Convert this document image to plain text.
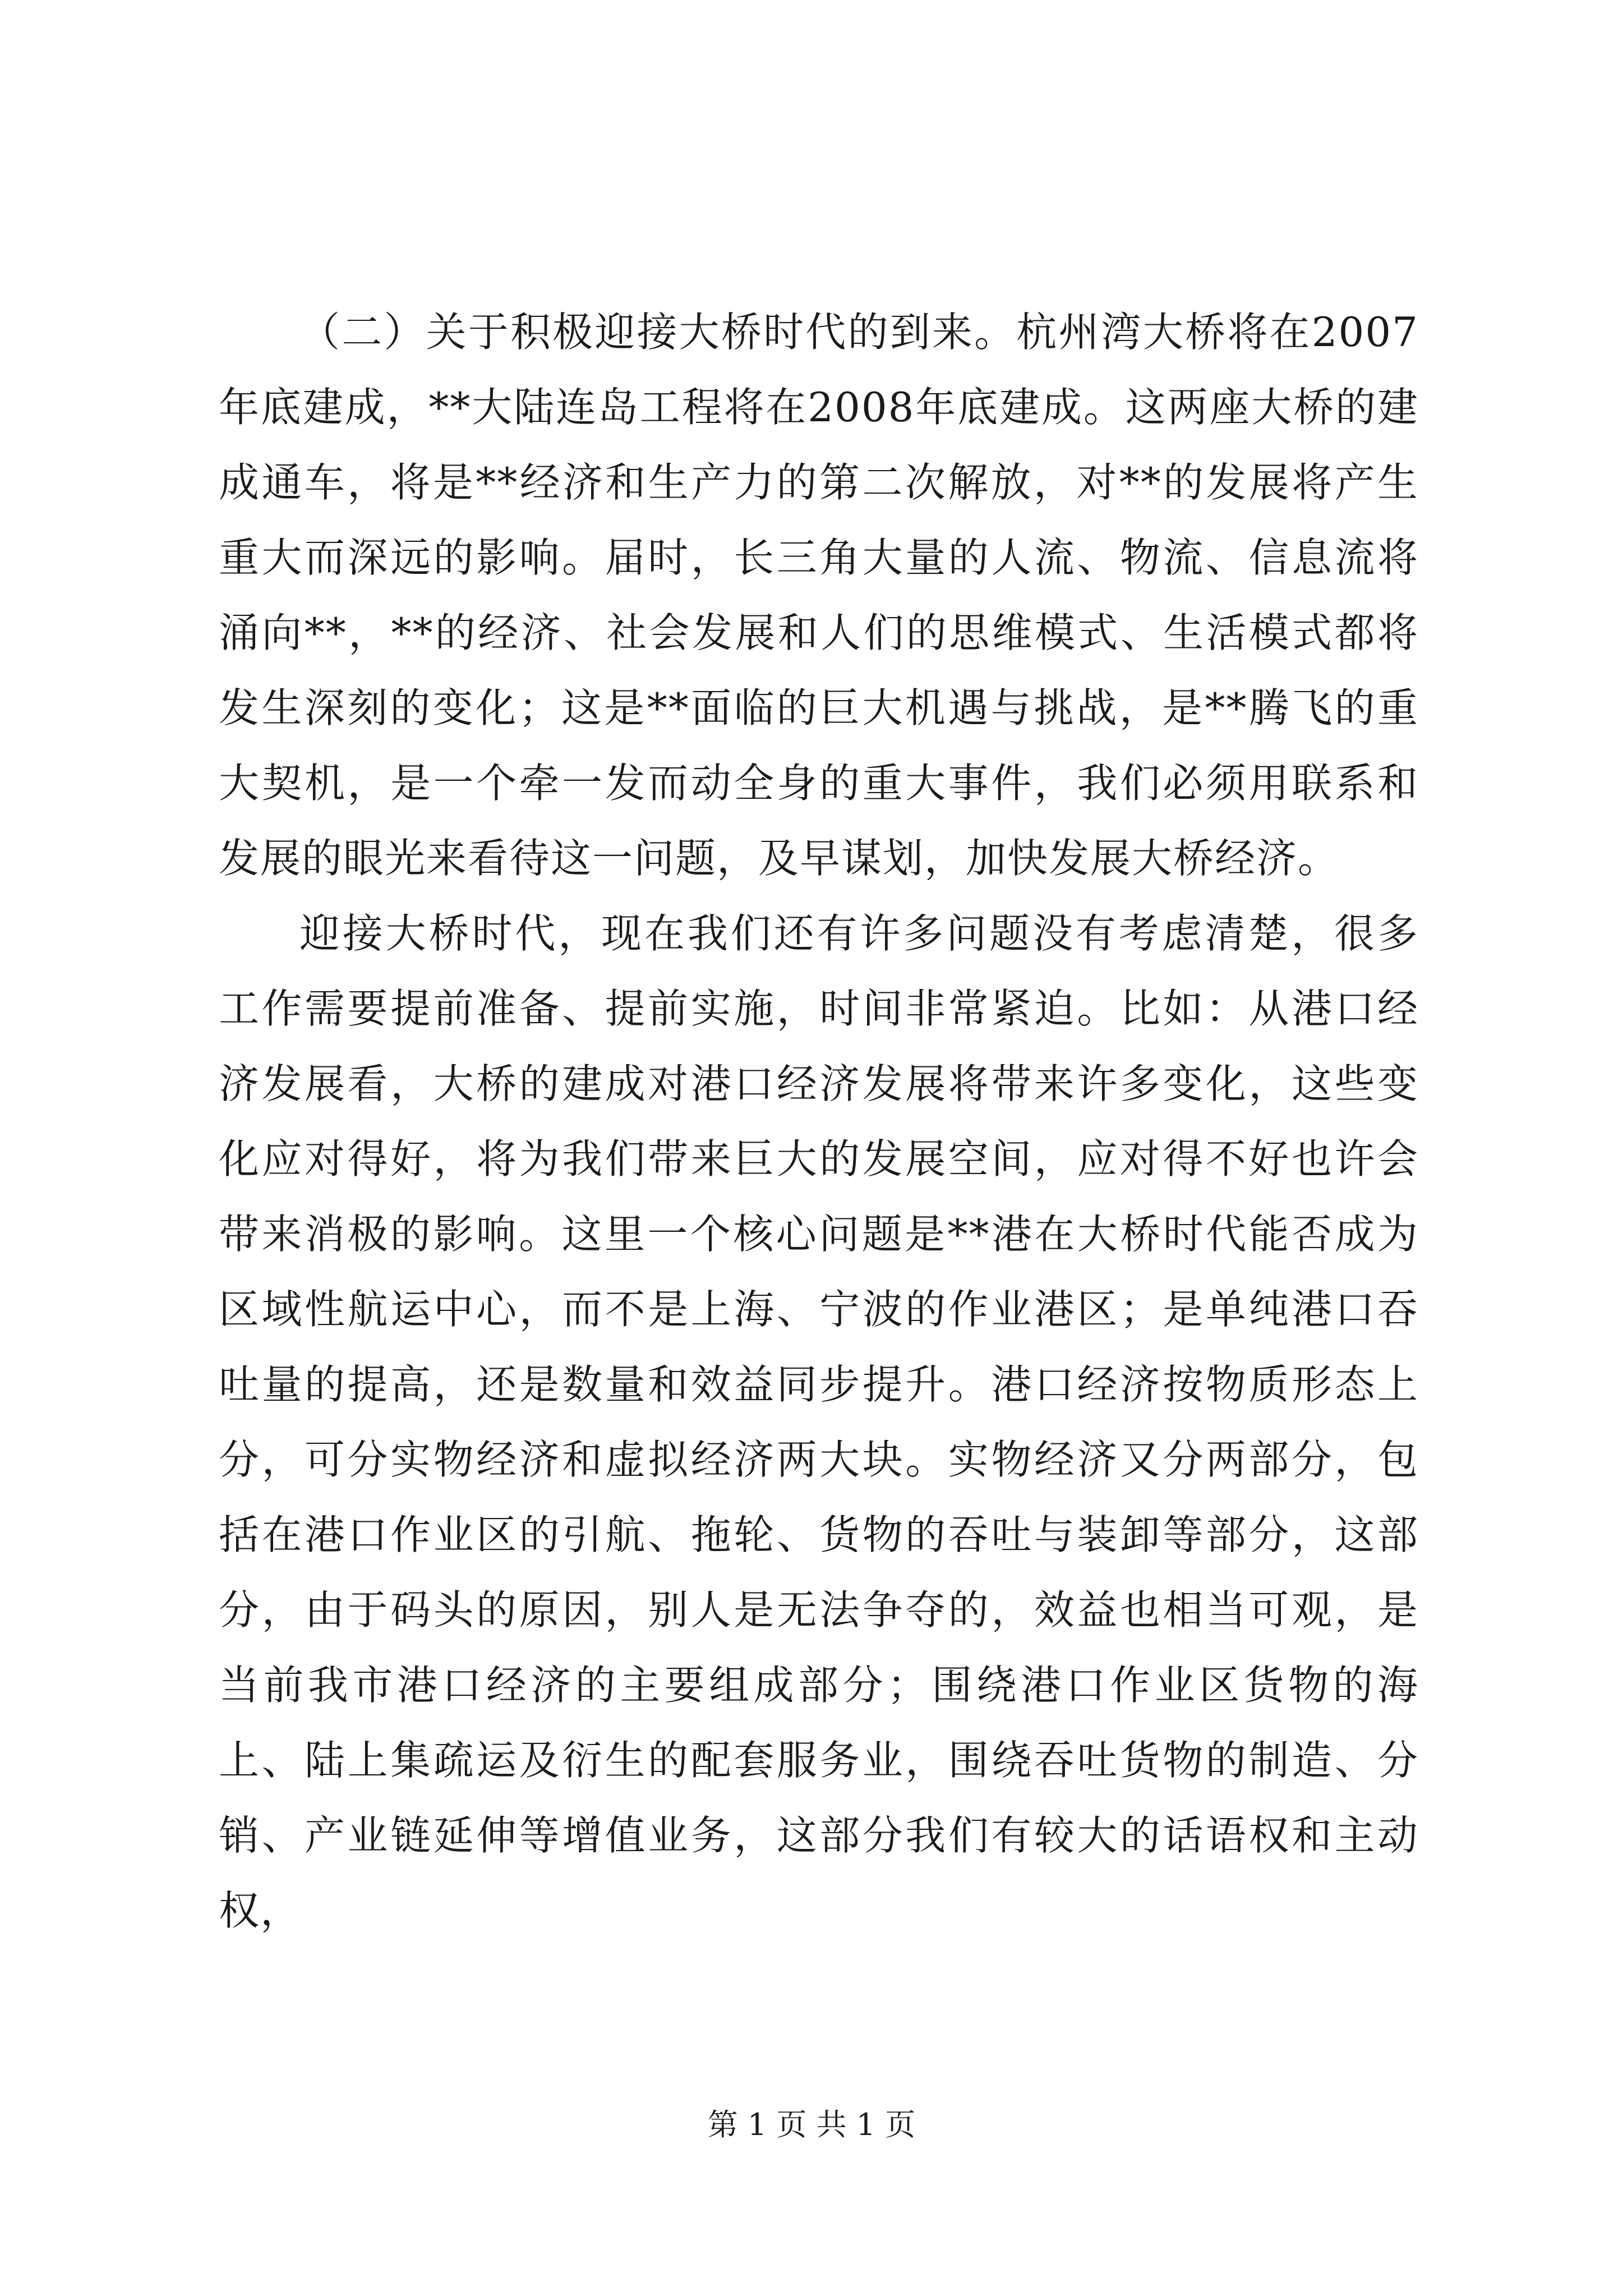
（二）关于积极迎接大桥时代的到来。杭州湾大桥将在2007年底建成，**大陆连岛工程将在2008年底建成。这两座大桥的建成通车，将是**经济和生产力的第二次解放，对**的发展将产生重大而深远的影响。届时，长三角大量的人流、物流、信息流将涌向**，**的经济、社会发展和人们的思维模式、生活模式都将发生深刻的变化；这是**面临的巨大机遇与挑战，是**腾飞的重大契机，是一个牵一发而动全身的重大事件，我们必须用联系和发展的眼光来看待这一问题，及早谋划，加快发展大桥经济。

迎接大桥时代，现在我们还有许多问题没有考虑清楚，很多工作需要提前准备、提前实施，时间非常紧迫。比如：从港口经济发展看，大桥的建成对港口经济发展将带来许多变化，这些变化应对得好，将为我们带来巨大的发展空间，应对得不好也许会带来消极的影响。这里一个核心问题是**港在大桥时代能否成为区域性航运中心，而不是上海、宁波的作业港区；是单纯港口吞吐量的提高，还是数量和效益同步提升。港口经济按物质形态上分，可分实物经济和虚拟经济两大块。实物经济又分两部分，包括在港口作业区的引航、拖轮、货物的吞吐与装卸等部分，这部分，由于码头的原因，别人是无法争夺的，效益也相当可观，是当前我市港口经济的主要组成部分；围绕港口作业区货物的海上、陆上集疏运及衍生的配套服务业，围绕吞吐货物的制造、分销、产业链延伸等增值业务，这部分我们有较大的话语权和主动权，

第 1 页 共 1 页
